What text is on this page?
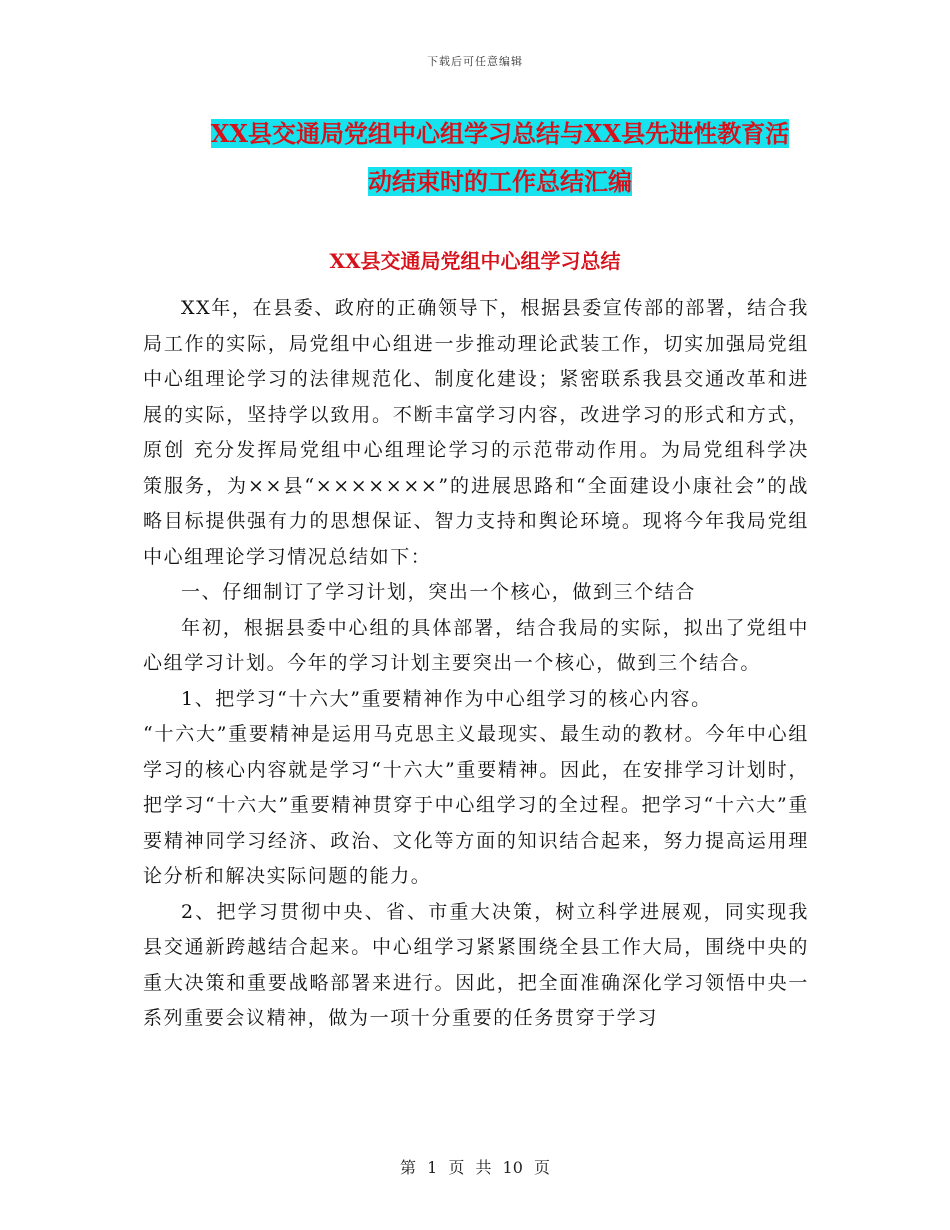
下载后可任意编辑
XX县交通局党组中心组学习总结与XX县先进性教育活
动结束时的工作总结汇编
XX县交通局党组中心组学习总结

XX年，在县委、政府的正确领导下，根据县委宣传部的部署，结合我局工作的实际，局党组中心组进一步推动理论武装工作，切实加强局党组中心组理论学习的法律规范化、制度化建设；紧密联系我县交通改革和进展的实际，坚持学以致用。不断丰富学习内容，改进学习的形式和方式，原创 充分发挥局党组中心组理论学习的示范带动作用。为局党组科学决策服务，为××县“×××××××”的进展思路和“全面建设小康社会”的战略目标提供强有力的思想保证、智力支持和舆论环境。现将今年我局党组中心组理论学习情况总结如下：

一、仔细制订了学习计划，突出一个核心，做到三个结合

年初，根据县委中心组的具体部署，结合我局的实际，拟出了党组中心组学习计划。今年的学习计划主要突出一个核心，做到三个结合。

1、把学习“十六大”重要精神作为中心组学习的核心内容。

“十六大”重要精神是运用马克思主义最现实、最生动的教材。今年中心组学习的核心内容就是学习“十六大”重要精神。因此，在安排学习计划时，把学习“十六大”重要精神贯穿于中心组学习的全过程。把学习“十六大”重要精神同学习经济、政治、文化等方面的知识结合起来，努力提高运用理论分析和解决实际问题的能力。

2、把学习贯彻中央、省、市重大决策，树立科学进展观，同实现我县交通新跨越结合起来。中心组学习紧紧围绕全县工作大局，围绕中央的重大决策和重要战略部署来进行。因此，把全面准确深化学习领悟中央一系列重要会议精神，做为一项十分重要的任务贯穿于学习

第 1 页 共 10 页
